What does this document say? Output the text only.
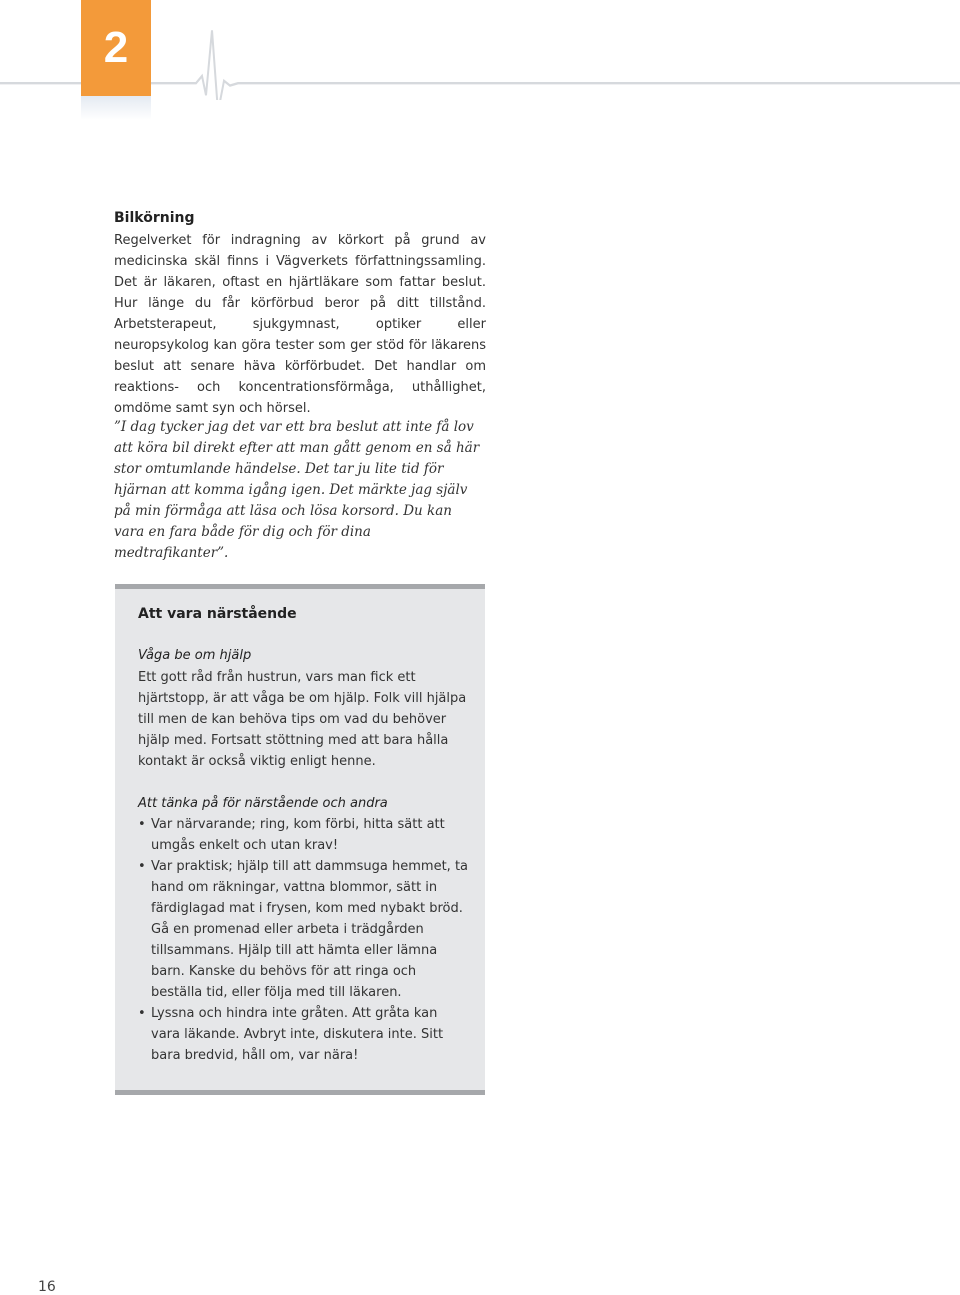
2
Bilkörning

Regelverket för indragning av körkort på grund av medicinska skäl finns i Vägverkets författningssamling. Det är läkaren, oftast en hjärtläkare som fattar beslut. Hur länge du får körförbud beror på ditt tillstånd. Arbetsterapeut, sjukgymnast, optiker eller neuropsykolog kan göra tester som ger stöd för läkarens beslut att senare häva körförbudet. Det handlar om reaktions- och koncentrationsförmåga, uthållighet, omdöme samt syn och hörsel.

”I dag tycker jag det var ett bra beslut att inte få lov att köra bil direkt efter att man gått genom en så här stor omtumlande händelse. Det tar ju lite tid för hjärnan att komma igång igen. Det märkte jag själv på min förmåga att läsa och lösa korsord. Du kan vara en fara både för dig och för dina medtrafikanter”.

Att vara närstående

Våga be om hjälp

Ett gott råd från hustrun, vars man fick ett hjärtstopp, är att våga be om hjälp. Folk vill hjälpa till men de kan behöva tips om vad du behöver hjälp med. Fortsatt stöttning med att bara hålla kontakt är också viktig enligt henne.

Att tänka på för närstående och andra

• Var närvarande; ring, kom förbi, hitta sätt att umgås enkelt och utan krav!
• Var praktisk; hjälp till att dammsuga hemmet, ta hand om räkningar, vattna blommor, sätt in färdiglagad mat i frysen, kom med nybakt bröd. Gå en promenad eller arbeta i trädgården tillsammans. Hjälp till att hämta eller lämna barn. Kanske du behövs för att ringa och beställa tid, eller följa med till läkaren.
• Lyssna och hindra inte gråten. Att gråta kan vara läkande. Avbryt inte, diskutera inte. Sitt bara bredvid, håll om, var nära!
16
